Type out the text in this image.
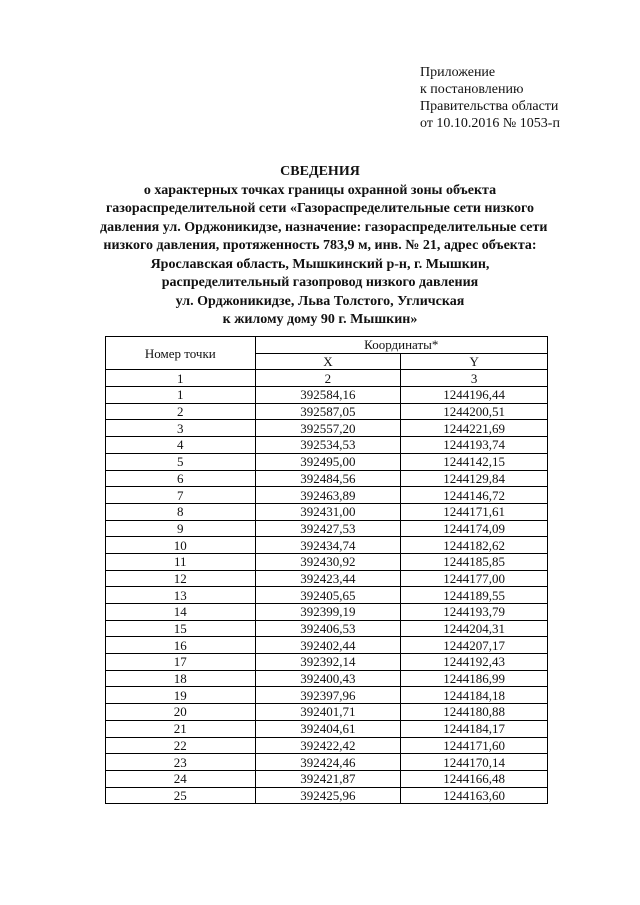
Приложение
к постановлению
Правительства области
от 10.10.2016 № 1053-п
СВЕДЕНИЯ
о характерных точках границы охранной зоны объекта
газораспределительной сети «Газораспределительные сети низкого
давления ул. Орджоникидзе, назначение: газораспределительные сети
низкого давления, протяженность 783,9 м, инв. № 21, адрес объекта:
Ярославская область, Мышкинский р-н, г. Мышкин,
распределительный газопровод низкого давления
ул. Орджоникидзе, Льва Толстого, Угличская
к жилому дому 90 г. Мышкин»
Номер точки	Координаты*	
	X	Y
1	2	3
1	392584,16	1244196,44
2	392587,05	1244200,51
3	392557,20	1244221,69
4	392534,53	1244193,74
5	392495,00	1244142,15
6	392484,56	1244129,84
7	392463,89	1244146,72
8	392431,00	1244171,61
9	392427,53	1244174,09
10	392434,74	1244182,62
11	392430,92	1244185,85
12	392423,44	1244177,00
13	392405,65	1244189,55
14	392399,19	1244193,79
15	392406,53	1244204,31
16	392402,44	1244207,17
17	392392,14	1244192,43
18	392400,43	1244186,99
19	392397,96	1244184,18
20	392401,71	1244180,88
21	392404,61	1244184,17
22	392422,42	1244171,60
23	392424,46	1244170,14
24	392421,87	1244166,48
25	392425,96	1244163,60
